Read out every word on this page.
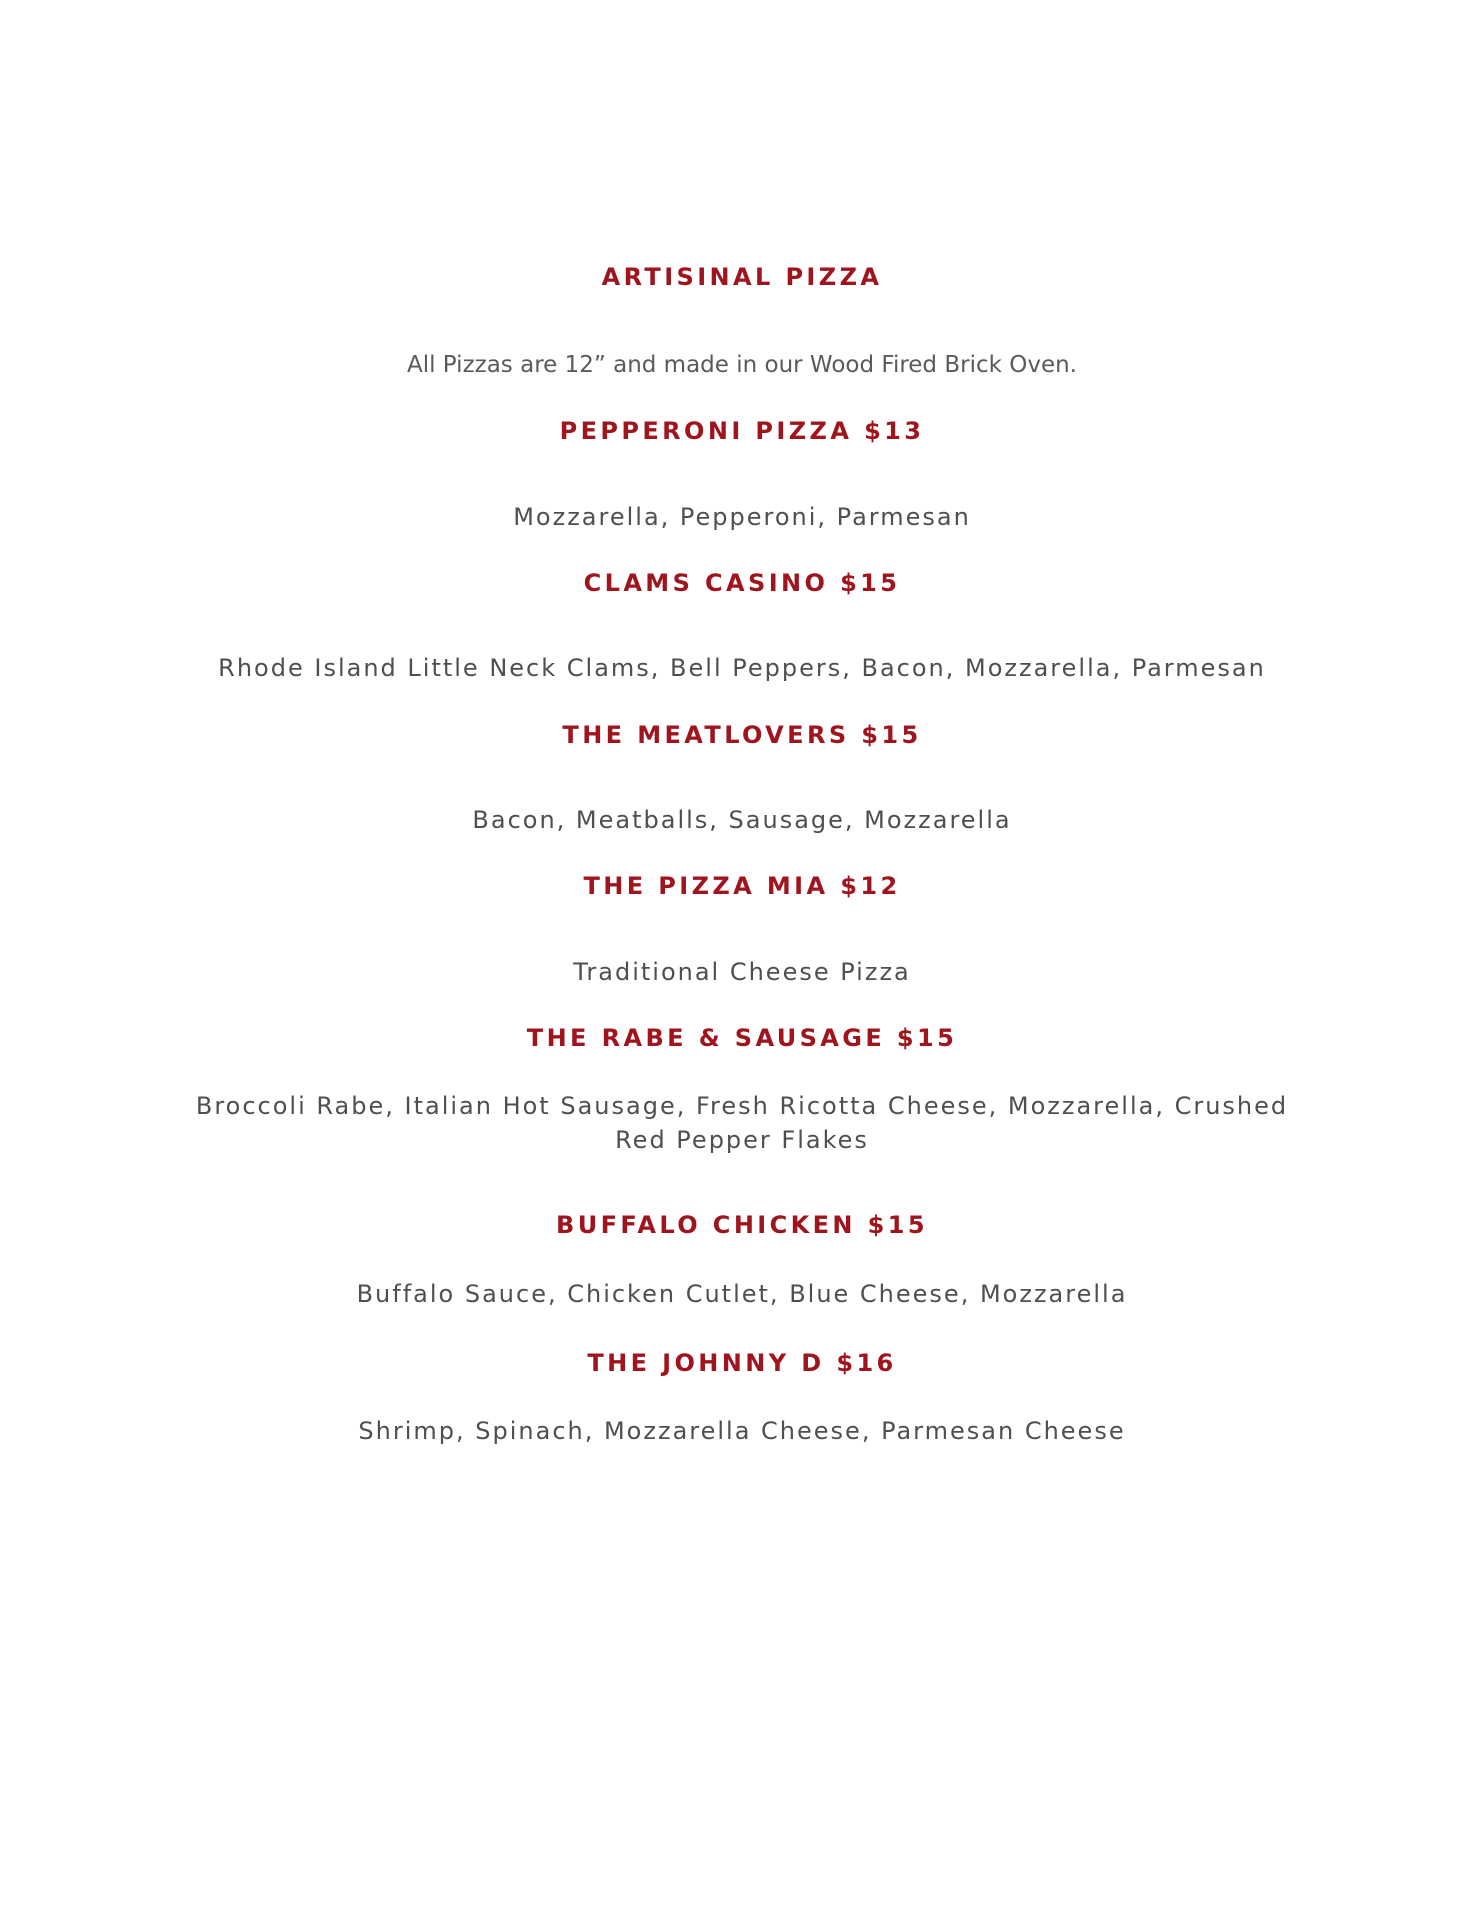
ARTISINAL PIZZA

All Pizzas are 12” and made in our Wood Fired Brick Oven.

PEPPERONI PIZZA $13

Mozzarella, Pepperoni, Parmesan

CLAMS CASINO $15

Rhode Island Little Neck Clams, Bell Peppers, Bacon, Mozzarella, Parmesan

THE MEATLOVERS $15

Bacon, Meatballs, Sausage, Mozzarella

THE PIZZA MIA $12

Traditional Cheese Pizza

THE RABE & SAUSAGE $15

Broccoli Rabe, Italian Hot Sausage, Fresh Ricotta Cheese, Mozzarella, Crushed Red Pepper Flakes

BUFFALO CHICKEN $15

Buffalo Sauce, Chicken Cutlet, Blue Cheese, Mozzarella

THE JOHNNY D $16

Shrimp, Spinach, Mozzarella Cheese, Parmesan Cheese
